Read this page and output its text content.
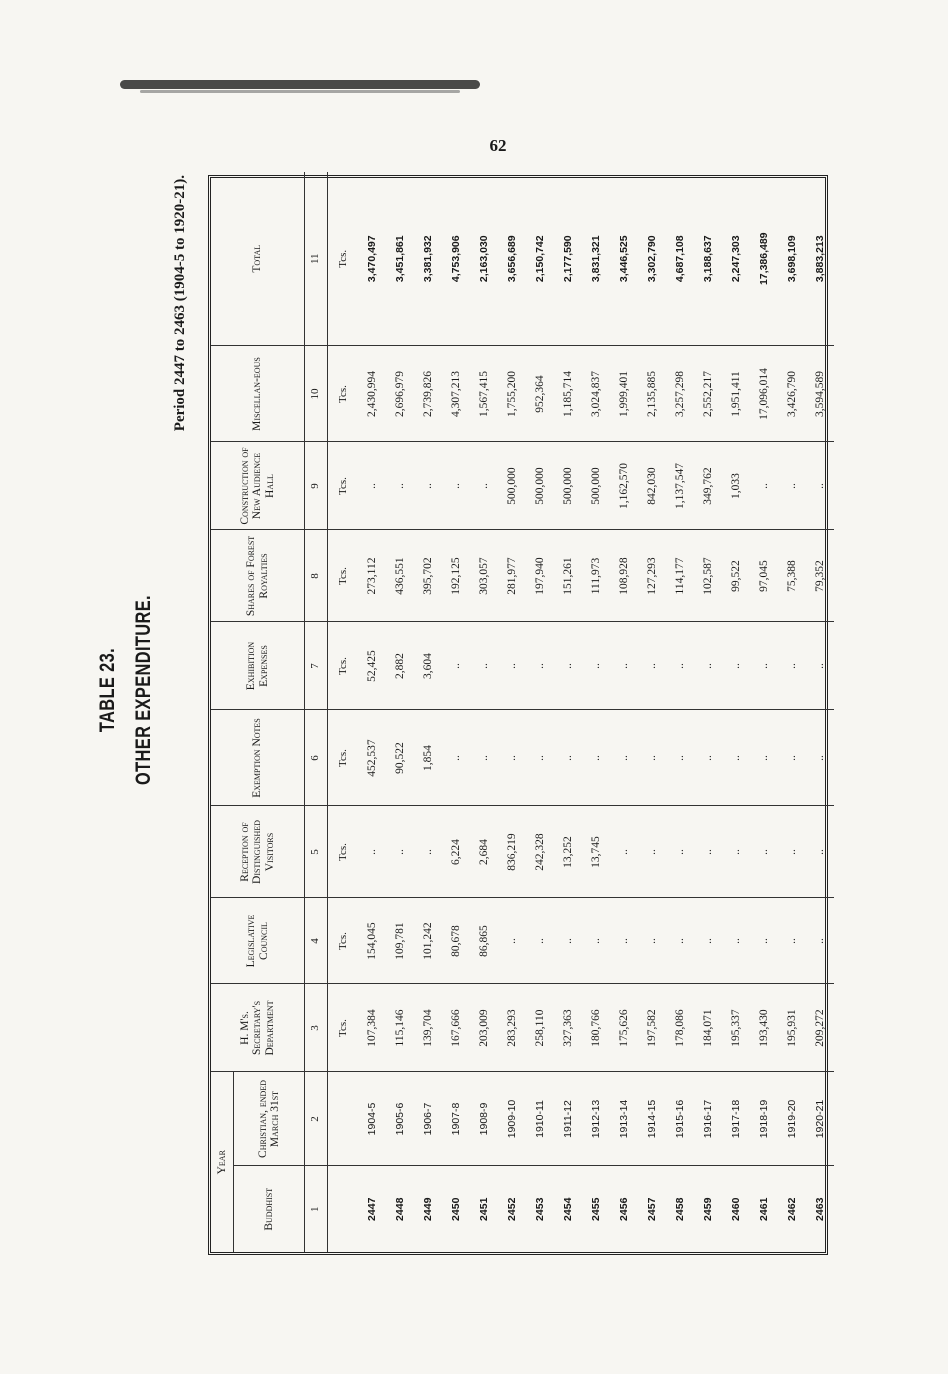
62
TABLE 23. OTHER EXPENDITURE.
Period 2447 to 2463 (1904-5 to 1920-21).
Year		H. M's. Secretary's Department	Legislative Council	Reception of Distinguished Visitors	Exemption Notes	Exhibition Expenses	Shares of Forest Royalties	Construction of New Audience Hall	Miscellan-eous	Total
Buddhist	Christian, ended March 31st									
1	2	3	4	5	6	7	8	9	10	11
		Tcs.	Tcs.	Tcs.	Tcs.	Tcs.	Tcs.	Tcs.	Tcs.	Tcs.
2447	1904-5	107,384	154,045	..	452,537	52,425	273,112	..	2,430,994	3,470,497
2448	1905-6	115,146	109,781	..	90,522	2,882	436,551	..	2,696,979	3,451,861
2449	1906-7	139,704	101,242	..	1,854	3,604	395,702	..	2,739,826	3,381,932
2450	1907-8	167,666	80,678	6,224	..	..	192,125	..	4,307,213	4,753,906
2451	1908-9	203,009	86,865	2,684	..	..	303,057	..	1,567,415	2,163,030
2452	1909-10	283,293	..	836,219	..	..	281,977	500,000	1,755,200	3,656,689
2453	1910-11	258,110	..	242,328	..	..	197,940	500,000	952,364	2,150,742
2454	1911-12	327,363	..	13,252	..	..	151,261	500,000	1,185,714	2,177,590
2455	1912-13	180,766	..	13,745	..	..	111,973	500,000	3,024,837	3,831,321
2456	1913-14	175,626	..	..	..	..	108,928	1,162,570	1,999,401	3,446,525
2457	1914-15	197,582	..	..	..	..	127,293	842,030	2,135,885	3,302,790
2458	1915-16	178,086	..	..	..	..	114,177	1,137,547	3,257,298	4,687,108
2459	1916-17	184,071	..	..	..	..	102,587	349,762	2,552,217	3,188,637
2460	1917-18	195,337	..	..	..	..	99,522	1,033	1,951,411	2,247,303
2461	1918-19	193,430	..	..	..	..	97,045	..	17,096,014	17,386,489
2462	1919-20	195,931	..	..	..	..	75,388	..	3,426,790	3,698,109
2463	1920-21	209,272	..	..	..	..	79,352	..	3,594,589	3,883,213
